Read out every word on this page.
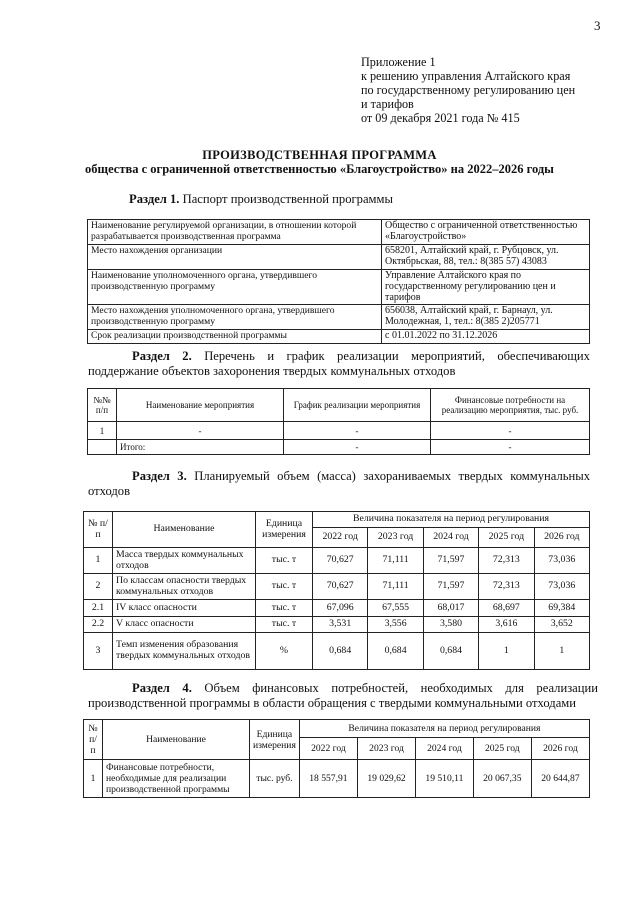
3
Приложение 1
к решению управления Алтайского края
по государственному регулированию цен
и тарифов
от 09 декабря 2021 года № 415
ПРОИЗВОДСТВЕННАЯ ПРОГРАММА
общества с ограниченной ответственностью «Благоустройство» на 2022–2026 годы
Раздел 1. Паспорт производственной программы
Наименование регулируемой организации, в отношении которой разрабатывается производственная программа	Общество с ограниченной ответственностью «Благоустройство»
Место нахождения организации	658201, Алтайский край, г. Рубцовск, ул. Октябрьская, 88, тел.: 8(385 57) 43083
Наименование уполномоченного органа, утвердившего производственную программу	Управление Алтайского края по государственному регулированию цен и тарифов
Место нахождения уполномоченного органа, утвердившего производственную программу	656038, Алтайский край, г. Барнаул, ул. Молодежная, 1, тел.: 8(385 2)205771
Срок реализации производственной программы	с 01.01.2022 по 31.12.2026
Раздел 2. Перечень и график реализации мероприятий, обеспечивающих поддержание объектов захоронения твердых коммунальных отходов
№№ п/п	Наименование мероприятия	График реализации мероприятия	Финансовые потребности на реализацию мероприятия, тыс. руб.
1	-	-	-
	Итого:	-	-
Раздел 3. Планируемый объем (масса) захораниваемых твердых коммунальных отходов
№ п/п	Наименование	Единица измерения	Величина показателя на период регулирования				
			2022 год	2023 год	2024 год	2025 год	2026 год
1	Масса твердых коммунальных отходов	тыс. т	70,627	71,111	71,597	72,313	73,036
2	По классам опасности твердых коммунальных отходов	тыс. т	70,627	71,111	71,597	72,313	73,036
2.1	IV класс опасности	тыс. т	67,096	67,555	68,017	68,697	69,384
2.2	V класс опасности	тыс. т	3,531	3,556	3,580	3,616	3,652
3	Темп изменения образования твердых коммунальных отходов	%	0,684	0,684	0,684	1	1
Раздел 4. Объем финансовых потребностей, необходимых для реализации производственной программы в области обращения с твердыми коммунальными отходами
№ п/ п	Наименование	Единица измерения	Величина показателя на период регулирования				
			2022 год	2023 год	2024 год	2025 год	2026 год
1	Финансовые потребности, необходимые для реализации производственной программы	тыс. руб.	18 557,91	19 029,62	19 510,11	20 067,35	20 644,87
